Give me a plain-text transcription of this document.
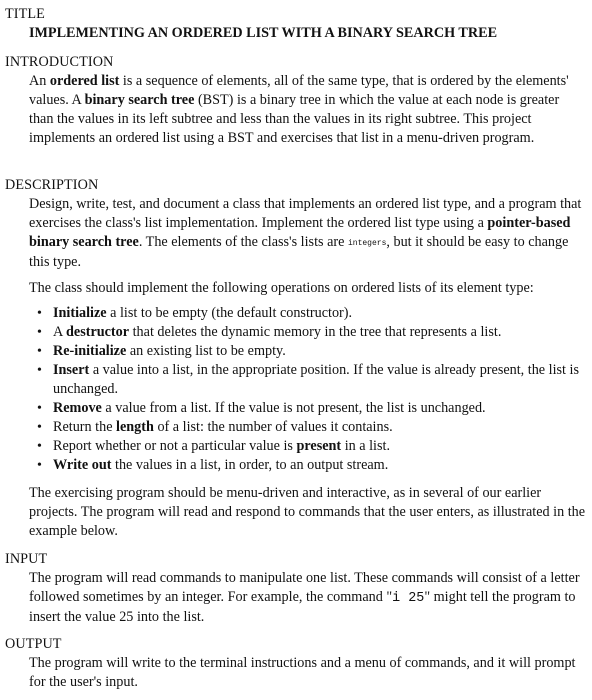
TITLE
IMPLEMENTING AN ORDERED LIST WITH A BINARY SEARCH TREE
INTRODUCTION

An ordered list is a sequence of elements, all of the same type, that is ordered by the elements' values. A binary search tree (BST) is a binary tree in which the value at each node is greater than the values in its left subtree and less than the values in its right subtree. This project implements an ordered list using a BST and exercises that list in a menu-driven program.

DESCRIPTION

Design, write, test, and document a class that implements an ordered list type, and a program that exercises the class's list implementation. Implement the ordered list type using a pointer-based binary search tree. The elements of the class's lists are integers, but it should be easy to change this type.

The class should implement the following operations on ordered lists of its element type:

• Initialize a list to be empty (the default constructor).
• A destructor that deletes the dynamic memory in the tree that represents a list.
• Re-initialize an existing list to be empty.
• Insert a value into a list, in the appropriate position. If the value is already present, the list is unchanged.
• Remove a value from a list. If the value is not present, the list is unchanged.
• Return the length of a list: the number of values it contains.
• Report whether or not a particular value is present in a list.
• Write out the values in a list, in order, to an output stream.

The exercising program should be menu-driven and interactive, as in several of our earlier projects. The program will read and respond to commands that the user enters, as illustrated in the example below.

INPUT

The program will read commands to manipulate one list. These commands will consist of a letter followed sometimes by an integer. For example, the command "i 25" might tell the program to insert the value 25 into the list.

OUTPUT

The program will write to the terminal instructions and a menu of commands, and it will prompt for the user's input.
